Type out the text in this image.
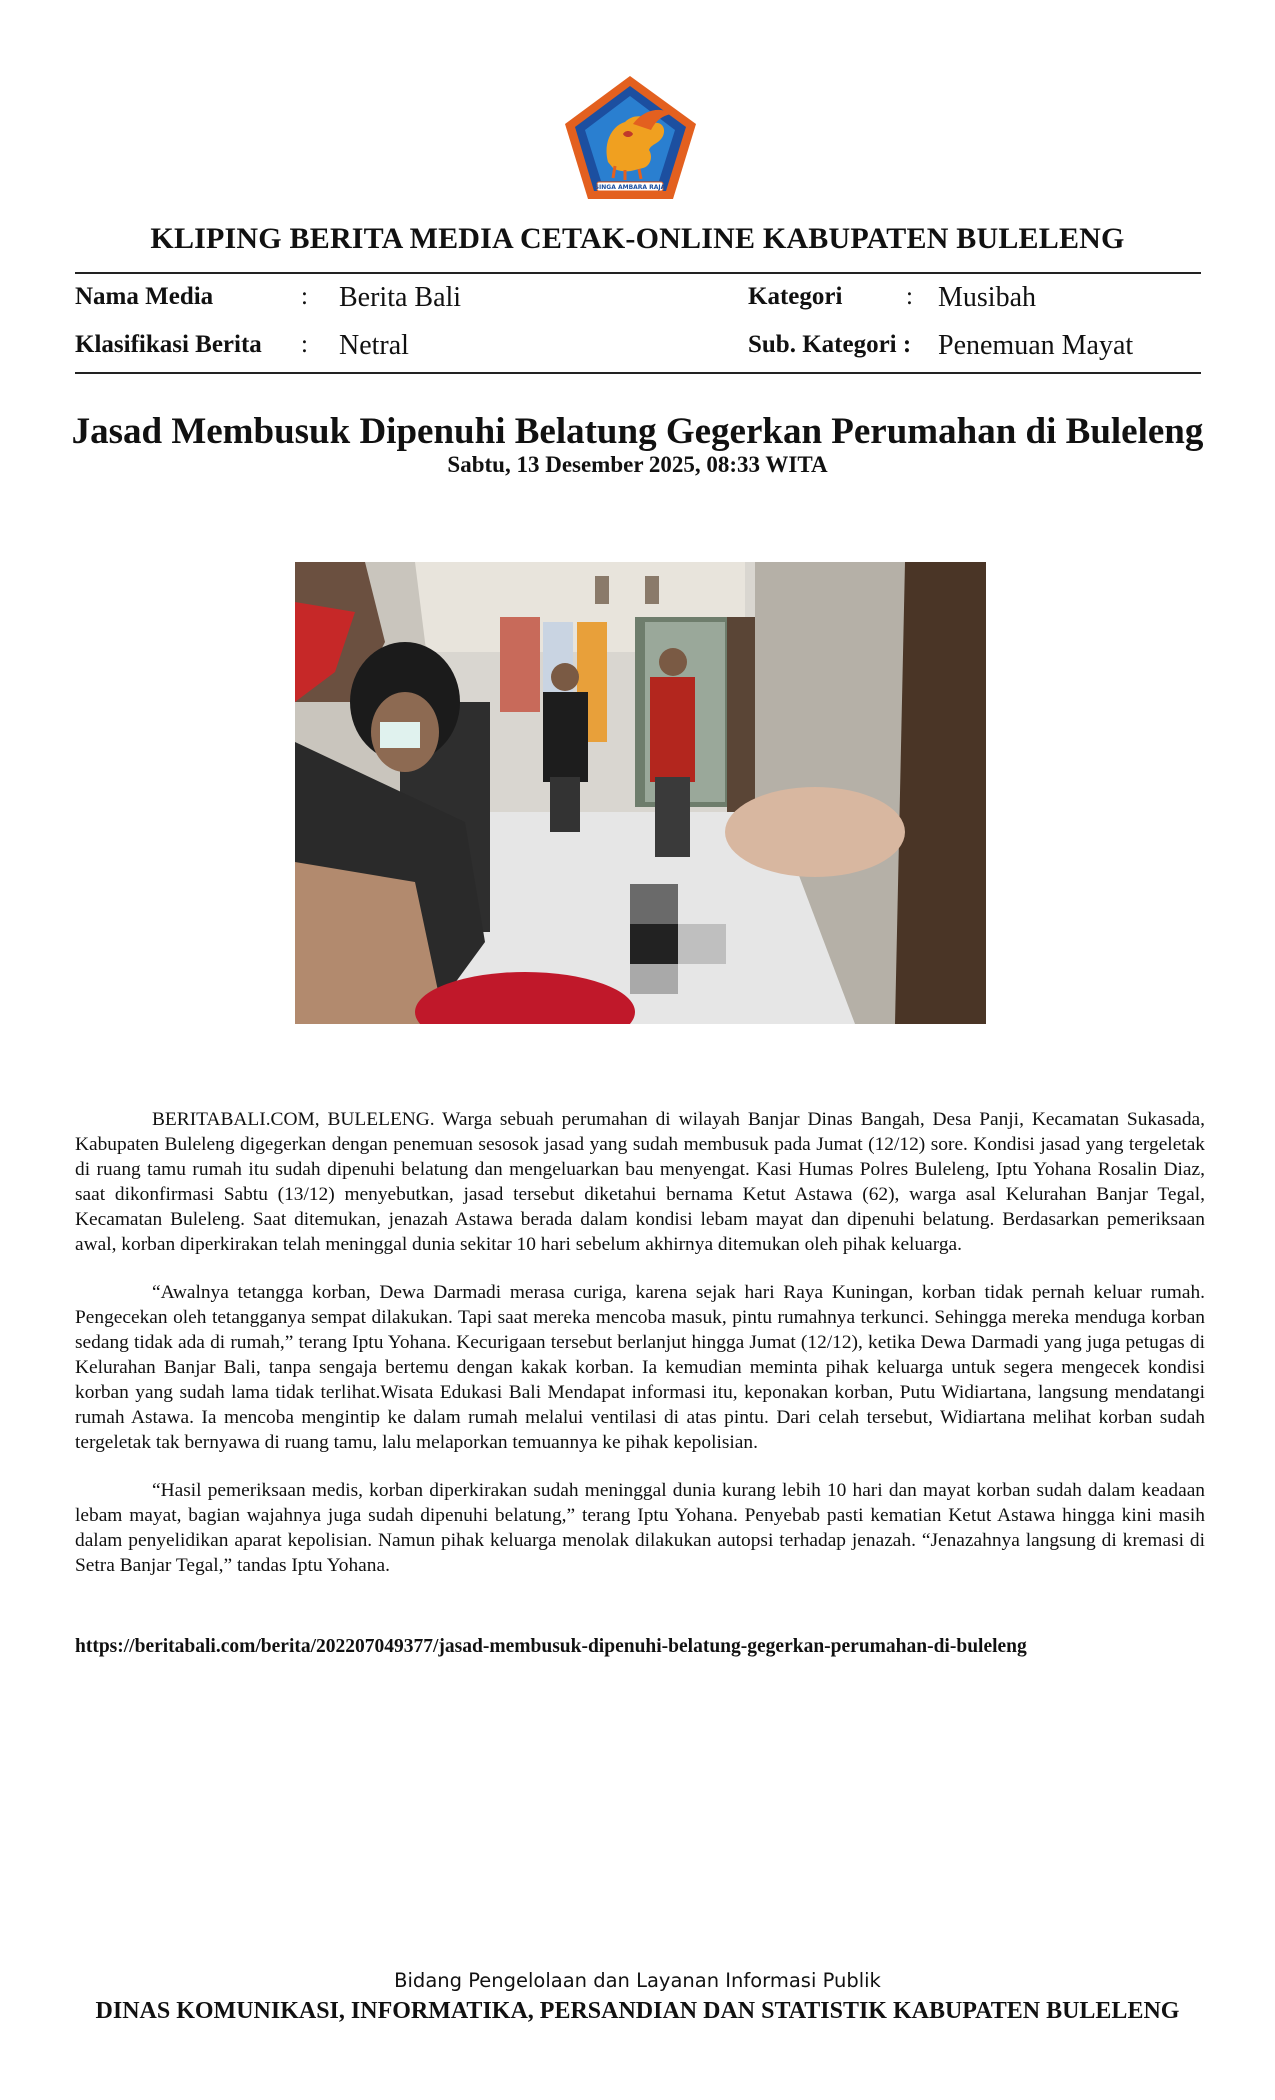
SINGA AMBARA RAJA
KLIPING BERITA MEDIA CETAK-ONLINE KABUPATEN BULELENG
Nama Media	: Berita Bali
Klasifikasi Berita : Netral
Kategori	: Musibah
Sub. Kategori : Penemuan Mayat
Jasad Membusuk Dipenuhi Belatung Gegerkan Perumahan di Buleleng
Sabtu, 13 Desember 2025, 08:33 WITA

BERITABALI.COM, BULELENG. Warga sebuah perumahan di wilayah Banjar Dinas Bangah, Desa Panji, Kecamatan Sukasada, Kabupaten Buleleng digegerkan dengan penemuan sesosok jasad yang sudah membusuk pada Jumat (12/12) sore. Kondisi jasad yang tergeletak di ruang tamu rumah itu sudah dipenuhi belatung dan mengeluarkan bau menyengat. Kasi Humas Polres Buleleng, Iptu Yohana Rosalin Diaz, saat dikonfirmasi Sabtu (13/12) menyebutkan, jasad tersebut diketahui bernama Ketut Astawa (62), warga asal Kelurahan Banjar Tegal, Kecamatan Buleleng. Saat ditemukan, jenazah Astawa berada dalam kondisi lebam mayat dan dipenuhi belatung. Berdasarkan pemeriksaan awal, korban diperkirakan telah meninggal dunia sekitar 10 hari sebelum akhirnya ditemukan oleh pihak keluarga.

“Awalnya tetangga korban, Dewa Darmadi merasa curiga, karena sejak hari Raya Kuningan, korban tidak pernah keluar rumah. Pengecekan oleh tetangganya sempat dilakukan. Tapi saat mereka mencoba masuk, pintu rumahnya terkunci. Sehingga mereka menduga korban sedang tidak ada di rumah,” terang Iptu Yohana. Kecurigaan tersebut berlanjut hingga Jumat (12/12), ketika Dewa Darmadi yang juga petugas di Kelurahan Banjar Bali, tanpa sengaja bertemu dengan kakak korban. Ia kemudian meminta pihak keluarga untuk segera mengecek kondisi korban yang sudah lama tidak terlihat.Wisata Edukasi Bali Mendapat informasi itu, keponakan korban, Putu Widiartana, langsung mendatangi rumah Astawa. Ia mencoba mengintip ke dalam rumah melalui ventilasi di atas pintu. Dari celah tersebut, Widiartana melihat korban sudah tergeletak tak bernyawa di ruang tamu, lalu melaporkan temuannya ke pihak kepolisian.

“Hasil pemeriksaan medis, korban diperkirakan sudah meninggal dunia kurang lebih 10 hari dan mayat korban sudah dalam keadaan lebam mayat, bagian wajahnya juga sudah dipenuhi belatung,” terang Iptu Yohana. Penyebab pasti kematian Ketut Astawa hingga kini masih dalam penyelidikan aparat kepolisian. Namun pihak keluarga menolak dilakukan autopsi terhadap jenazah. “Jenazahnya langsung di kremasi di Setra Banjar Tegal,” tandas Iptu Yohana.

https://beritabali.com/berita/202207049377/jasad-membusuk-dipenuhi-belatung-gegerkan-perumahan-di-buleleng
Bidang Pengelolaan dan Layanan Informasi Publik
DINAS KOMUNIKASI, INFORMATIKA, PERSANDIAN DAN STATISTIK KABUPATEN BULELENG
